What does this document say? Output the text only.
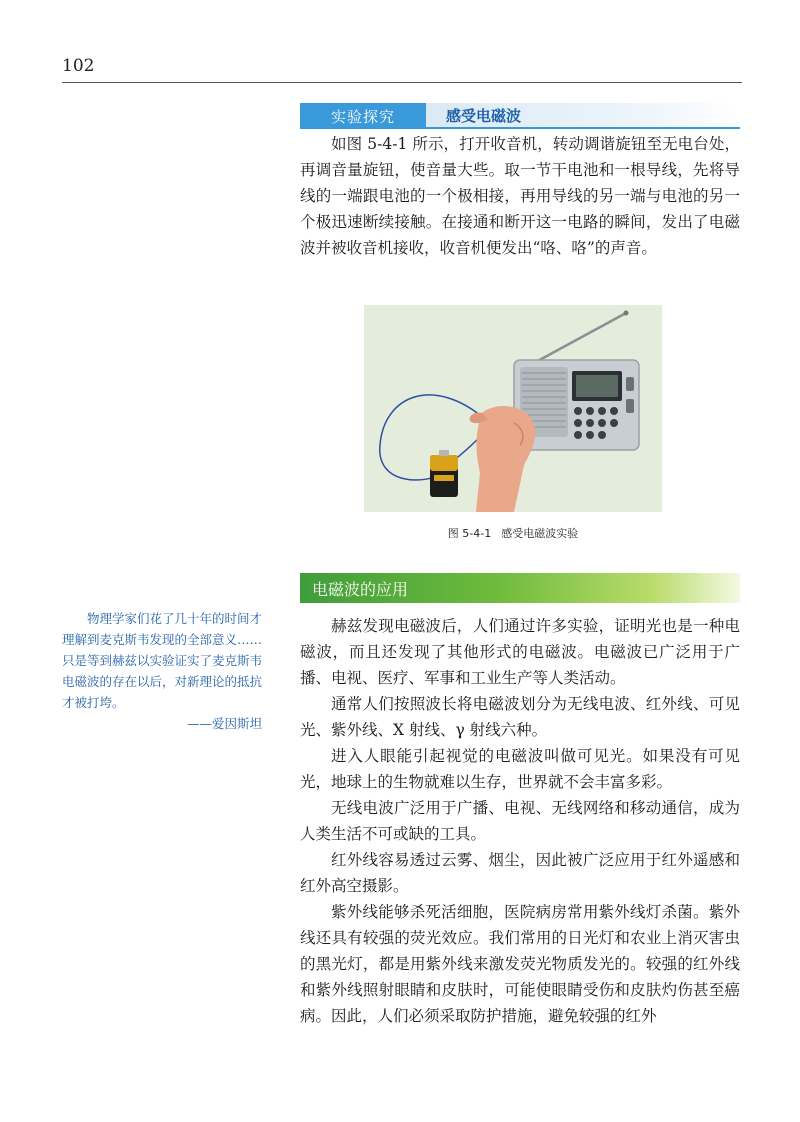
102
实验探究	感受电磁波

如图 5-4-1 所示，打开收音机，转动调谐旋钮至无电台处，再调音量旋钮，使音量大些。取一节干电池和一根导线，先将导线的一端跟电池的一个极相接，再用导线的另一端与电池的另一个极迅速断续接触。在接通和断开这一电路的瞬间，发出了电磁波并被收音机接收，收音机便发出“咯、咯”的声音。

图 5-4-1 感受电磁波实验
电磁波的应用

物理学家们花了几十年的时间才理解到麦克斯韦发现的全部意义……只是等到赫兹以实验证实了麦克斯韦电磁波的存在以后，对新理论的抵抗才被打垮。

——爱因斯坦

赫兹发现电磁波后，人们通过许多实验，证明光也是一种电磁波，而且还发现了其他形式的电磁波。电磁波已广泛用于广播、电视、医疗、军事和工业生产等人类活动。

通常人们按照波长将电磁波划分为无线电波、红外线、可见光、紫外线、X 射线、γ 射线六种。

进入人眼能引起视觉的电磁波叫做可见光。如果没有可见光，地球上的生物就难以生存，世界就不会丰富多彩。

无线电波广泛用于广播、电视、无线网络和移动通信，成为人类生活不可或缺的工具。

红外线容易透过云雾、烟尘，因此被广泛应用于红外遥感和红外高空摄影。

紫外线能够杀死活细胞，医院病房常用紫外线灯杀菌。紫外线还具有较强的荧光效应。我们常用的日光灯和农业上消灭害虫的黑光灯，都是用紫外线来激发荧光物质发光的。较强的红外线和紫外线照射眼睛和皮肤时，可能使眼睛受伤和皮肤灼伤甚至癌病。因此，人们必须采取防护措施，避免较强的红外
